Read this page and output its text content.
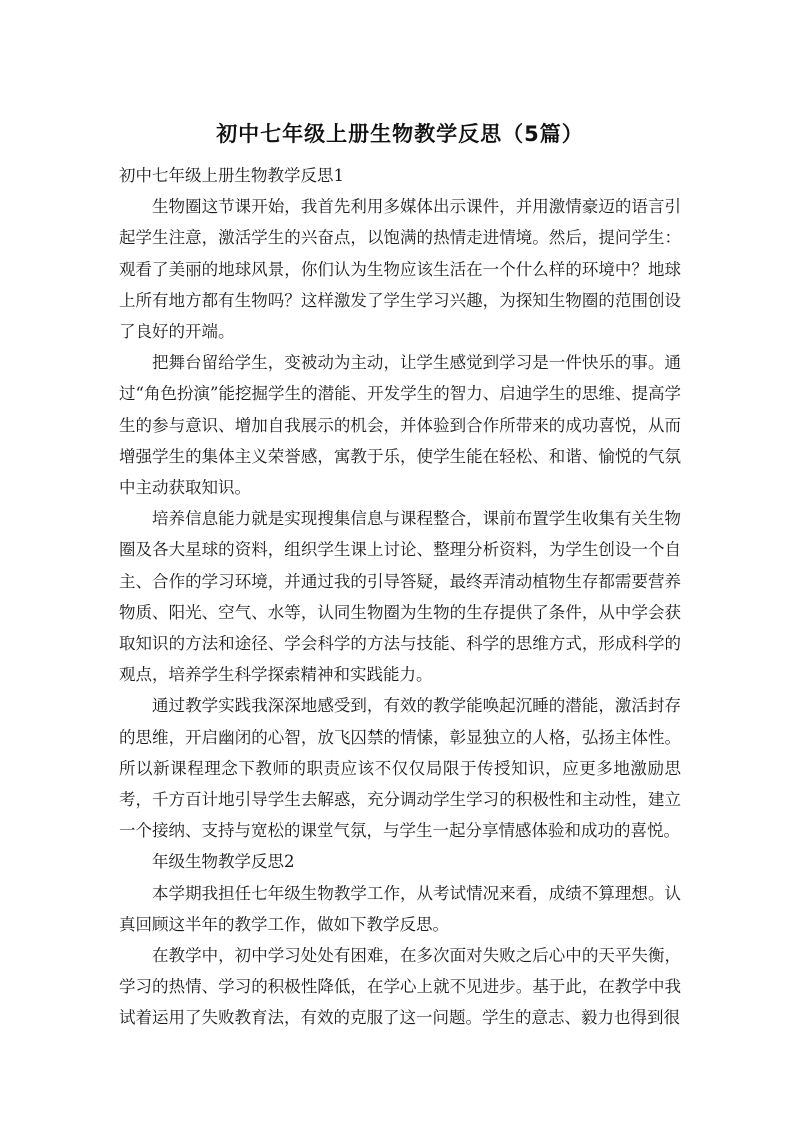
初中七年级上册生物教学反思（5篇）

初中七年级上册生物教学反思1

生物圈这节课开始，我首先利用多媒体出示课件，并用激情豪迈的语言引起学生注意，激活学生的兴奋点，以饱满的热情走进情境。然后，提问学生：观看了美丽的地球风景，你们认为生物应该生活在一个什么样的环境中？地球上所有地方都有生物吗？这样激发了学生学习兴趣，为探知生物圈的范围创设了良好的开端。

把舞台留给学生，变被动为主动，让学生感觉到学习是一件快乐的事。通过“角色扮演”能挖掘学生的潜能、开发学生的智力、启迪学生的思维、提高学生的参与意识、增加自我展示的机会，并体验到合作所带来的成功喜悦，从而增强学生的集体主义荣誉感，寓教于乐，使学生能在轻松、和谐、愉悦的气氛中主动获取知识。

培养信息能力就是实现搜集信息与课程整合，课前布置学生收集有关生物圈及各大星球的资料，组织学生课上讨论、整理分析资料，为学生创设一个自主、合作的学习环境，并通过我的引导答疑，最终弄清动植物生存都需要营养物质、阳光、空气、水等，认同生物圈为生物的生存提供了条件，从中学会获取知识的方法和途径、学会科学的方法与技能、科学的思维方式，形成科学的观点，培养学生科学探索精神和实践能力。

通过教学实践我深深地感受到，有效的教学能唤起沉睡的潜能，激活封存的思维，开启幽闭的心智，放飞囚禁的情愫，彰显独立的人格，弘扬主体性。所以新课程理念下教师的职责应该不仅仅局限于传授知识，应更多地激励思考，千方百计地引导学生去解惑，充分调动学生学习的积极性和主动性，建立一个接纳、支持与宽松的课堂气氛，与学生一起分享情感体验和成功的喜悦。

年级生物教学反思2

本学期我担任七年级生物教学工作，从考试情况来看，成绩不算理想。认真回顾这半年的教学工作，做如下教学反思。

在教学中，初中学习处处有困难，在多次面对失败之后心中的天平失衡，学习的热情、学习的积极性降低，在学心上就不见进步。基于此，在教学中我试着运用了失败教育法，有效的克服了这一问题。学生的意志、毅力也得到很
